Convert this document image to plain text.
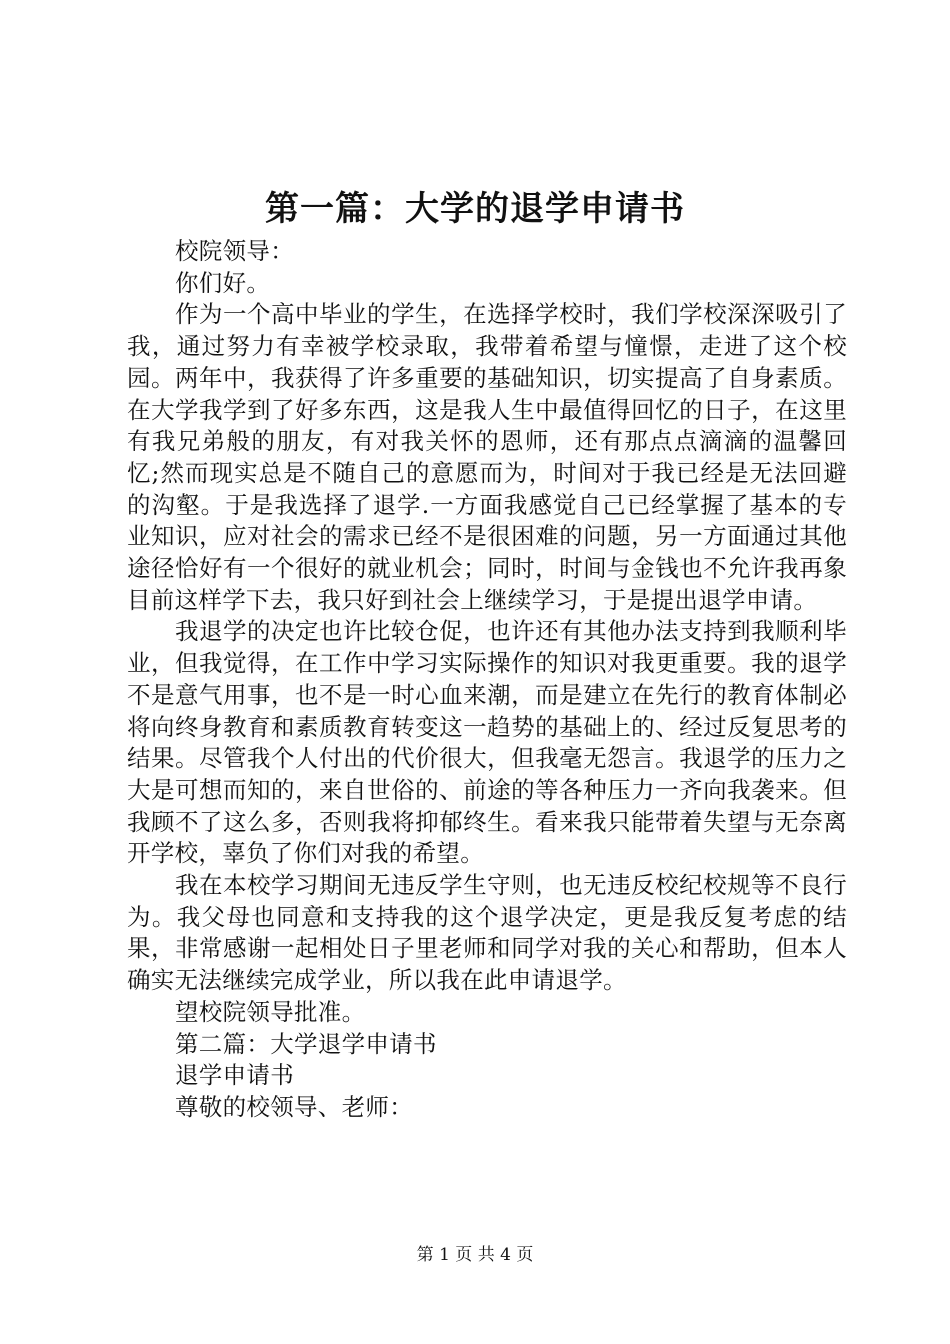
第一篇：大学的退学申请书

校院领导：

你们好。

作为一个高中毕业的学生，在选择学校时，我们学校深深吸引了我，通过努力有幸被学校录取，我带着希望与憧憬，走进了这个校园。两年中，我获得了许多重要的基础知识，切实提高了自身素质。在大学我学到了好多东西，这是我人生中最值得回忆的日子，在这里有我兄弟般的朋友，有对我关怀的恩师，还有那点点滴滴的温馨回忆;然而现实总是不随自己的意愿而为，时间对于我已经是无法回避的沟壑。于是我选择了退学.一方面我感觉自己已经掌握了基本的专业知识，应对社会的需求已经不是很困难的问题，另一方面通过其他途径恰好有一个很好的就业机会；同时，时间与金钱也不允许我再象目前这样学下去，我只好到社会上继续学习，于是提出退学申请。

我退学的决定也许比较仓促，也许还有其他办法支持到我顺利毕业，但我觉得，在工作中学习实际操作的知识对我更重要。我的退学不是意气用事，也不是一时心血来潮，而是建立在先行的教育体制必将向终身教育和素质教育转变这一趋势的基础上的、经过反复思考的结果。尽管我个人付出的代价很大，但我毫无怨言。我退学的压力之大是可想而知的，来自世俗的、前途的等各种压力一齐向我袭来。但我顾不了这么多，否则我将抑郁终生。看来我只能带着失望与无奈离开学校，辜负了你们对我的希望。

我在本校学习期间无违反学生守则，也无违反校纪校规等不良行为。我父母也同意和支持我的这个退学决定，更是我反复考虑的结果，非常感谢一起相处日子里老师和同学对我的关心和帮助，但本人确实无法继续完成学业，所以我在此申请退学。

望校院领导批准。

第二篇：大学退学申请书

退学申请书

尊敬的校领导、老师：

第 1 页 共 4 页
